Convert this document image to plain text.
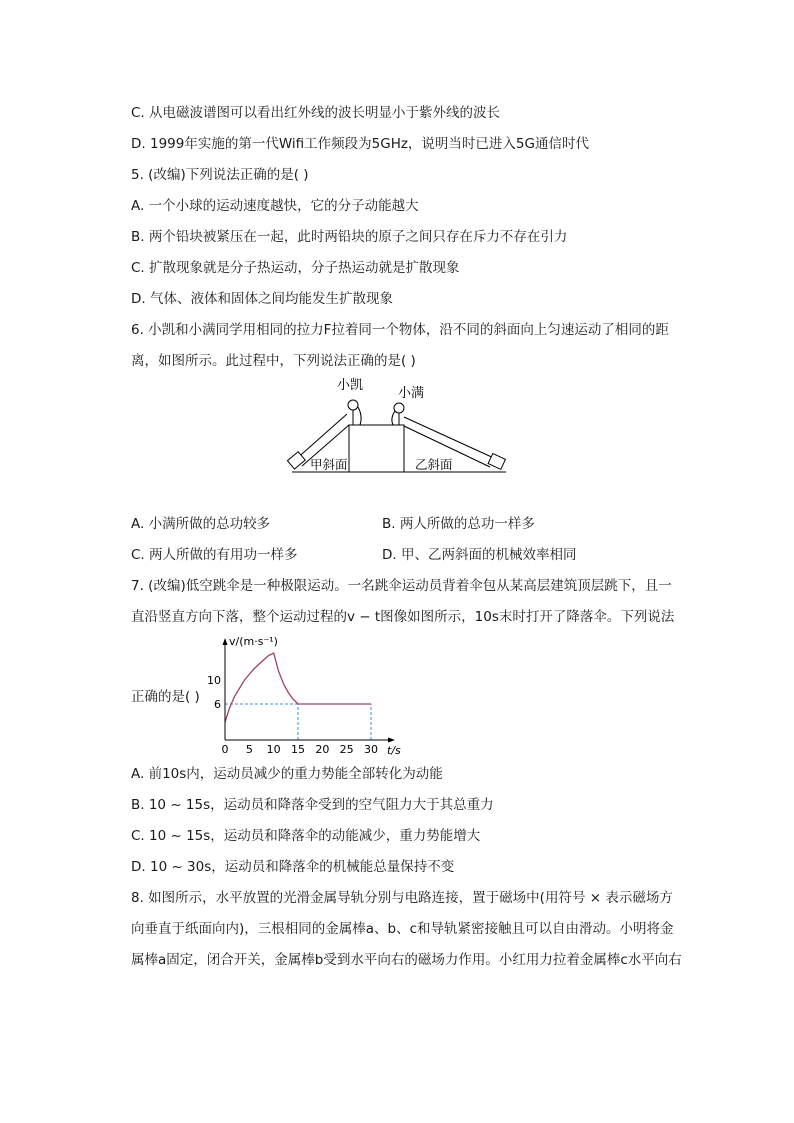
C. 从电磁波谱图可以看出红外线的波长明显小于紫外线的波长
D. 1999年实施的第一代Wifi工作频段为5GHz，说明当时已进入5G通信时代
5. (改编)下列说法正确的是( )
A. 一个小球的运动速度越快，它的分子动能越大
B. 两个铅块被紧压在一起，此时两铅块的原子之间只存在斥力不存在引力
C. 扩散现象就是分子热运动，分子热运动就是扩散现象
D. 气体、液体和固体之间均能发生扩散现象
6. 小凯和小满同学用相同的拉力F拉着同一个物体，沿不同的斜面向上匀速运动了相同的距
离，如图所示。此过程中，下列说法正确的是( )
小凯
小满
甲斜面	乙斜面
A. 小满所做的总功较多	B. 两人所做的总功一样多
C. 两人所做的有用功一样多	D. 甲、乙两斜面的机械效率相同
7. (改编)低空跳伞是一种极限运动。一名跳伞运动员背着伞包从某高层建筑顶层跳下，且一
直沿竖直方向下落，整个运动过程的v − t图像如图所示，10s末时打开了降落伞。下列说法
正确的是( )
0 5 10 15 20 25 30
6
10
v/(m·s⁻¹)
t/s
A. 前10s内，运动员减少的重力势能全部转化为动能
B. 10 ~ 15s，运动员和降落伞受到的空气阻力大于其总重力
C. 10 ~ 15s，运动员和降落伞的动能减少，重力势能增大
D. 10 ~ 30s，运动员和降落伞的机械能总量保持不变
8. 如图所示，水平放置的光滑金属导轨分别与电路连接，置于磁场中(用符号 × 表示磁场方
向垂直于纸面向内)，三根相同的金属棒a、b、c和导轨紧密接触且可以自由滑动。小明将金
属棒a固定，闭合开关，金属棒b受到水平向右的磁场力作用。小红用力拉着金属棒c水平向右
